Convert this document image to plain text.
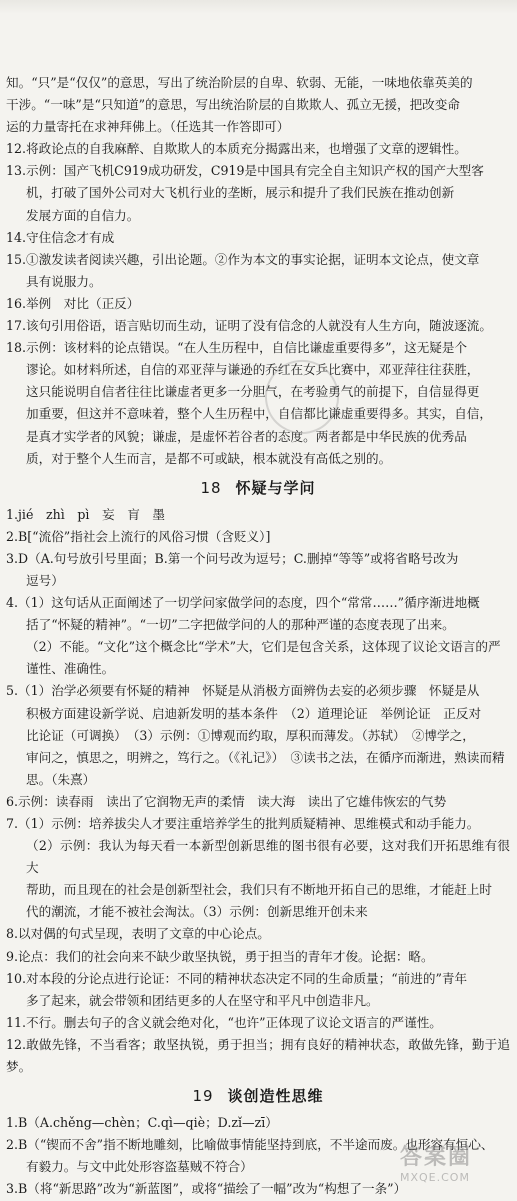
知。“只”是“仅仅”的意思，写出了统治阶层的自卑、软弱、无能，一味地依靠英美的
干涉。“一味”是“只知道”的意思，写出统治阶层的自欺欺人、孤立无援，把改变命
运的力量寄托在求神拜佛上。（任选其一作答即可）

12.将政论点的自我麻醉、自欺欺人的本质充分揭露出来，也增强了文章的逻辑性。

13.示例：国产飞机C919成功研发，C919是中国具有完全自主知识产权的国产大型客
机，打破了国外公司对大飞机行业的垄断，展示和提升了我们民族在推动创新
发展方面的自信力。

14.守住信念才有成

15.①激发读者阅读兴趣，引出论题。②作为本文的事实论据，证明本文论点，使文章
具有说服力。

16.举例　对比（正反）

17.该句引用俗语，语言贴切而生动，证明了没有信念的人就没有人生方向，随波逐流。

18.示例：该材料的论点错误。“在人生历程中，自信比谦虚重要得多”，这无疑是个
谬论。如材料所述，自信的邓亚萍与谦逊的乔红在女乒比赛中，邓亚萍往往获胜，
这只能说明自信者往往比谦虚者更多一分胆气，在考验勇气的前提下，自信显得更
加重要，但这并不意味着，整个人生历程中，自信都比谦虚重要得多。其实，自信，
是真才实学者的风貌；谦虚，是虚怀若谷者的态度。两者都是中华民族的优秀品
质，对于整个人生而言，是都不可或缺，根本就没有高低之别的。

18 怀疑与学问

1.jié　zhì　pì　妄　肓　墨

2.B[“流俗”指社会上流行的风俗习惯（含贬义）]

3.D（A.句号放引号里面；B.第一个问号改为逗号；C.删掉“等等”或将省略号改为
逗号）

4.（1）这句话从正面阐述了一切学问家做学问的态度，四个“常常……”循序渐进地概
括了“怀疑的精神”。“一切”二字把做学问的人的那种严谨的态度表现了出来。
（2）不能。“文化”这个概念比“学术”大，它们是包含关系，这体现了议论文语言的严
谨性、准确性。

5.（1）治学必须要有怀疑的精神　怀疑是从消极方面辨伪去妄的必须步骤　怀疑是从
积极方面建设新学说、启迪新发明的基本条件　（2）道理论证　举例论证　正反对
比论证（可调换）　（3）示例：①博观而约取，厚积而薄发。（苏轼）　②博学之，
审问之，慎思之，明辨之，笃行之。（《礼记》）　③读书之法，在循序而渐进，熟读而精
思。（朱熹）

6.示例：读春雨　读出了它润物无声的柔情　读大海　读出了它雄伟恢宏的气势

7.（1）示例：培养拔尖人才要注重培养学生的批判质疑精神、思维模式和动手能力。
（2）示例：我认为每天看一本新型创新思维的图书很有必要，这对我们开拓思维有很大
帮助，而且现在的社会是创新型社会，我们只有不断地开拓自己的思维，才能赶上时
代的潮流，才能不被社会淘汰。（3）示例：创新思维开创未来

8.以对偶的句式呈现，表明了文章的中心论点。

9.论点：我们的社会向来不缺少敢坚执锐，勇于担当的青年才俊。论据：略。

10.对本段的分论点进行论证：不同的精神状态决定不同的生命质量；“前进的”青年
多了起来，就会带领和团结更多的人在坚守和平凡中创造非凡。

11.不行。删去句子的含义就会绝对化，“也许”正体现了议论文语言的严谨性。

12.敢做先锋，不当看客；敢坚执锐，勇于担当；拥有良好的精神状态，敢做先锋，勤于追梦。

19 谈创造性思维

1.B（A.chěng—chèn；C.qì—qiè；D.zǐ—zī）

2.B（“锲而不舍”指不断地雕刻，比喻做事情能坚持到底，不半途而废。也形容有恒心、
有毅力。与文中此处形容盗墓贼不符合）

3.B（将“新思路”改为“新蓝图”，或将“描绘了一幅”改为“构想了一条”）

答案圈
MXQE.COM
